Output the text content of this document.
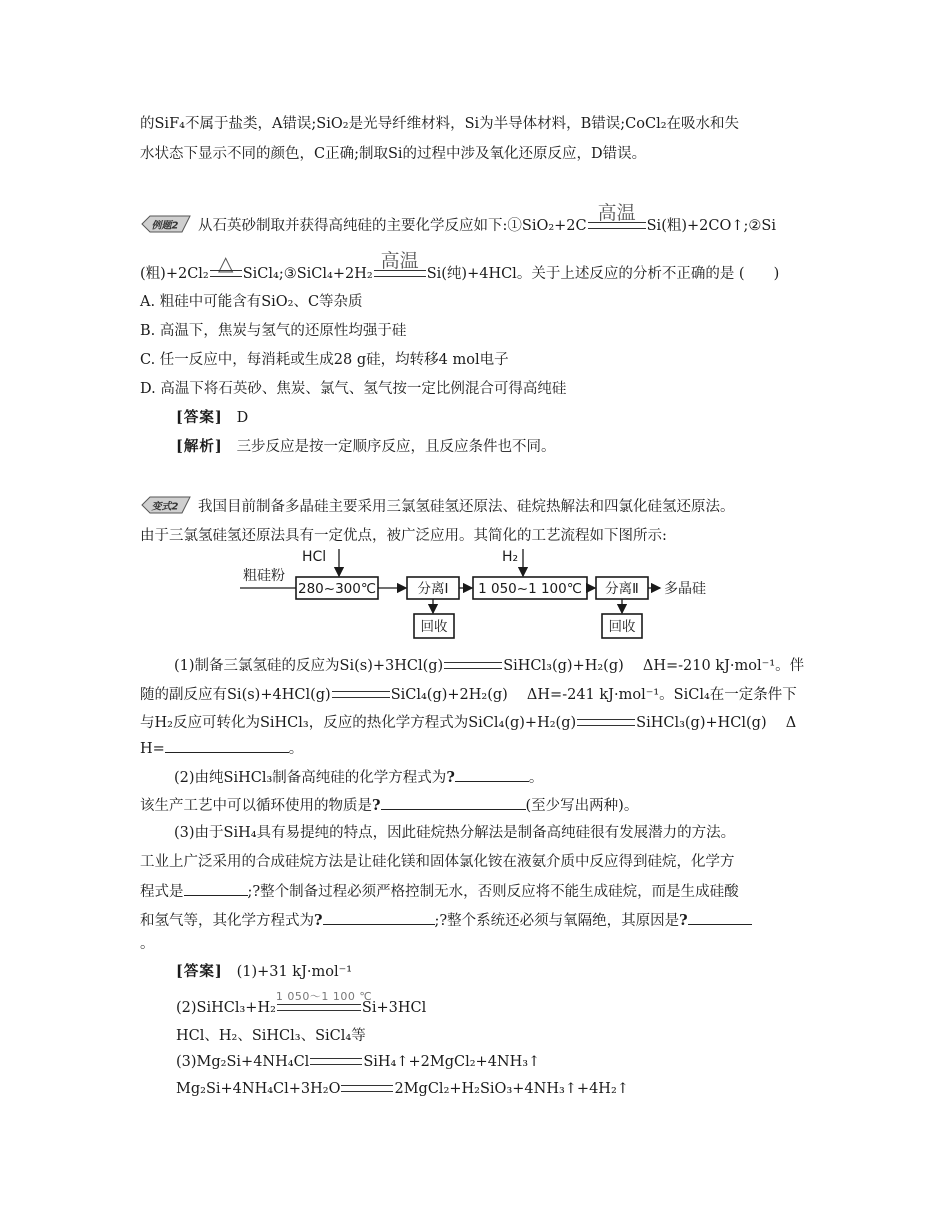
的SiF₄不属于盐类，A错误;SiO₂是光导纤维材料，Si为半导体材料，B错误;CoCl₂在吸水和失
水状态下显示不同的颜色，C正确;制取Si的过程中涉及氧化还原反应，D错误。
例题2 从石英砂制取并获得高纯硅的主要化学反应如下:①SiO₂+2C
高温
Si(粗)+2CO↑;②Si
(粗)+2Cl₂ △ SiCl₄;③SiCl₄+2H₂
高温
Si(纯)+4HCl。关于上述反应的分析不正确的是 (　　)
A. 粗硅中可能含有SiO₂、C等杂质
B. 高温下，焦炭与氢气的还原性均强于硅
C. 任一反应中，每消耗或生成28 g硅，均转移4 mol电子
D. 高温下将石英砂、焦炭、氯气、氢气按一定比例混合可得高纯硅
[答案] D
[解析] 三步反应是按一定顺序反应，且反应条件也不同。
变式2 我国目前制备多晶硅主要采用三氯氢硅氢还原法、硅烷热解法和四氯化硅氢还原法。
由于三氯氢硅氢还原法具有一定优点，被广泛应用。其简化的工艺流程如下图所示:
粗硅粉
HCl
280~300℃	分离Ⅰ
回收
H₂
1 050~1 100℃ 分离Ⅱ
回收
多晶硅
(1)制备三氯氢硅的反应为Si(s)+3HCl(g)	SiHCl₃(g)+H₂(g)　 ΔH=-210 kJ·mol⁻¹。伴
随的副反应有Si(s)+4HCl(g)	SiCl₄(g)+2H₂(g)　 ΔH=-241 kJ·mol⁻¹。SiCl₄在一定条件下
与H₂反应可转化为SiHCl₃，反应的热化学方程式为SiCl₄(g)+H₂(g)	SiHCl₃(g)+HCl(g)　 Δ
H=	。
(2)由纯SiHCl₃制备高纯硅的化学方程式为?	。
该生产工艺中可以循环使用的物质是?	(至少写出两种)。
(3)由于SiH₄具有易提纯的特点，因此硅烷热分解法是制备高纯硅很有发展潜力的方法。
工业上广泛采用的合成硅烷方法是让硅化镁和固体氯化铵在液氨介质中反应得到硅烷，化学方
程式是	;?整个制备过程必须严格控制无水，否则反应将不能生成硅烷，而是生成硅酸
和氢气等，其化学方程式为?	;?整个系统还必须与氧隔绝，其原因是?
。
[答案] (1)+31 kJ·mol⁻¹
(2)SiHCl₃+H₂
1 050～1 100 ℃
Si+3HCl
HCl、H₂、SiHCl₃、SiCl₄等
(3)Mg₂Si+4NH₄Cl	SiH₄↑+2MgCl₂+4NH₃↑
Mg₂Si+4NH₄Cl+3H₂O	2MgCl₂+H₂SiO₃+4NH₃↑+4H₂↑
